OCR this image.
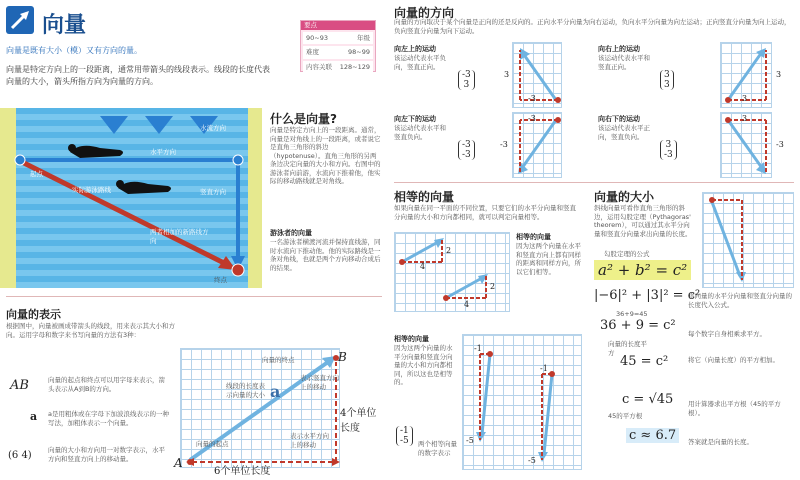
向量
向量是既有大小（模）又有方向的量。
向量是特定方向上的一段距离，通常用带箭头的线段表示。线段的长度代表向量的大小，箭头所指方向为向量的方向。
要点
90~93	年级
难度	98~99
内容关联 128~129
起点
水流方向
水平方向
实际游泳路线	竖直方向
两者相加的新路线方向
终点
什么是向量?
向量是特定方向上的一段距离。通常，向量是对角线上的一段距离，或者说它是直角三角形的斜边（hypotenuse）。直角三角形的另两条边决定向量的大小和方向。右图中的游泳者向前游，水流向下推着他，他实际的移动路线就是对角线。
游泳者的向量
一名游泳者横渡河流并保持直线游，同时水流向下推动他。他的实际路线是一条对角线，也就是两个方向移动合成后的结果。
向量的表示
根据图中，向量被画成带箭头的线段，用来表示其大小和方向。运用字母和数字来书写向量的方法有3种：
AB	向量的起点和终点可以用字母来表示，箭头表示从A到B的方向。
a a是用粗体或在字母下加波浪线表示的一种写法，加粗体表示一个向量。
(6 4)	向量的大小和方向用一对数字表示，水平方向和竖直方向上的移动量。	A
B
a
6个单位长度
4个单位长度
向量的终点
线段的长度表示向量的大小
表示竖直方向上的移动
向量的起点
表示水平方向上的移动
向量的方向
向量的方向取决于某个向量是正向的还是反向的。正向水平分向量为向右运动，负向水平分向量为向左运动；正向竖直分向量为向上运动，负向竖直分向量为向下运动。
向左上的运动
该运动代表水平负向，竖直正向。
-3
3
-3
3
向右上的运动
该运动代表水平和竖直正向。
3
3
3
3
向左下的运动
该运动代表水平和竖直负向。
-3
-3
-3
-3
向右下的运动
该运动代表水平正向，竖直负向。
3
-3
3
-3
相等的向量
如果向量在同一平面的不同位置，只要它们的水平分向量和竖直分向量的大小和方向都相同，就可以判定向量相等。
4
2
4
2
相等的向量
因为这两个向量在水平和竖直方向上都有同样的距离和同样方向，所以它们相等。
相等的向量
因为这两个向量的水平分向量和竖直分向量的大小和方向都相同，所以这也是相等的。
-1
-5 两个相等向量的数字表示
-1
-5
-1
-5
向量的大小
斜线向量可看作直角三角形的斜边，运用勾股定理（Pythagoras' theorem），可以通过其水平分向量和竖直分向量求出向量的长度。
勾股定理的公式
a² + b² = c²
|−6|² + |3|² = c²
36 + 9 = c²
45 = c²
c = √45
c ≈ 6.7
36+9=45
向量的长度平方
45的平方根
将向量的水平分向量和竖直分向量的长度代入公式。
每个数字自身相乘求平方。
将它（向量长度）的平方相加。
用计算器求出平方根（45的平方根）。
答案就是向量的长度。
